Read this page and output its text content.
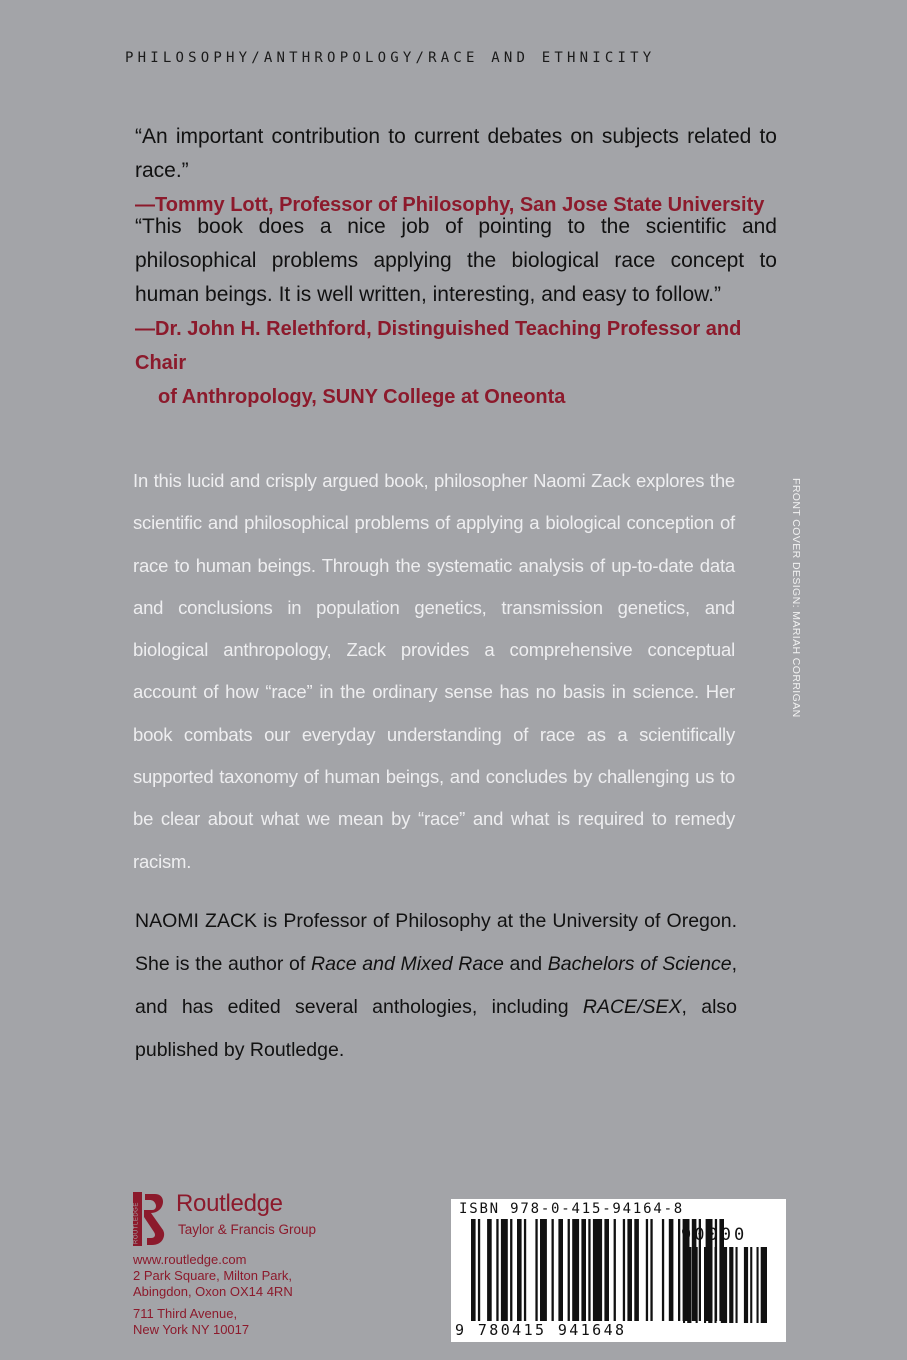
PHILOSOPHY/ANTHROPOLOGY/RACE AND ETHNICITY
“An important contribution to current debates on subjects related to race.”
—Tommy Lott, Professor of Philosophy, San Jose State University
“This book does a nice job of pointing to the scientific and philosophical problems applying the biological race concept to human beings. It is well written, interesting, and easy to follow.”
—Dr. John H. Relethford, Distinguished Teaching Professor and Chair
of Anthropology, SUNY College at Oneonta
In this lucid and crisply argued book, philosopher Naomi Zack explores the scientific and philosophical problems of applying a biological conception of race to human beings. Through the systematic analysis of up-to-date data and conclusions in population genetics, transmission genetics, and biological anthropology, Zack provides a comprehensive conceptual account of how “race” in the ordinary sense has no basis in science. Her book combats our everyday understanding of race as a scientifically supported taxonomy of human beings, and concludes by challenging us to be clear about what we mean by “race” and what is required to remedy racism.
NAOMI ZACK is Professor of Philosophy at the University of Oregon. She is the author of Race and Mixed Race and Bachelors of Science, and has edited several anthologies, including RACE/SEX, also published by Routledge.
FRONT COVER DESIGN: MARIAH CORRIGAN
ROUTLEDGE Routledge
Taylor & Francis Group
www.routledge.com
2 Park Square, Milton Park,
Abingdon, Oxon OX14 4RN
711 Third Avenue,
New York NY 10017
ISBN 978-0-415-94164-8
90000
9 780415 941648
